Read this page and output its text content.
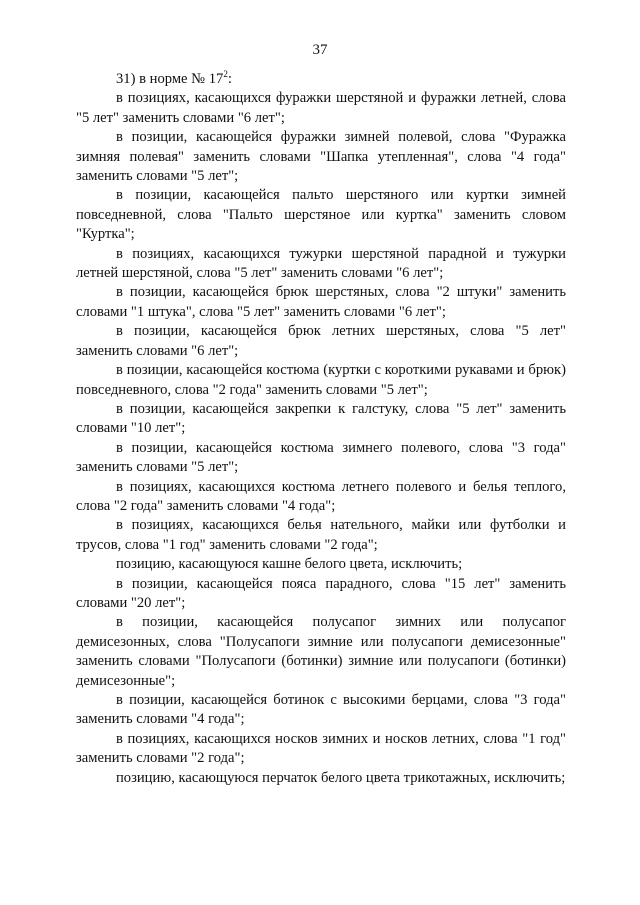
37

31) в норме № $17^2$:

в позициях, касающихся фуражки шерстяной и фуражки летней, слова "5 лет" заменить словами "6 лет";

в позиции, касающейся фуражки зимней полевой, слова "Фуражка зимняя полевая" заменить словами "Шапка утепленная", слова "4 года" заменить словами "5 лет";

в позиции, касающейся пальто шерстяного или куртки зимней повседневной, слова "Пальто шерстяное или куртка" заменить словом "Куртка";

в позициях, касающихся тужурки шерстяной парадной и тужурки летней шерстяной, слова "5 лет" заменить словами "6 лет";

в позиции, касающейся брюк шерстяных, слова "2 штуки" заменить словами "1 штука", слова "5 лет" заменить словами "6 лет";

в позиции, касающейся брюк летних шерстяных, слова "5 лет" заменить словами "6 лет";

в позиции, касающейся костюма (куртки с короткими рукавами и брюк) повседневного, слова "2 года" заменить словами "5 лет";

в позиции, касающейся закрепки к галстуку, слова "5 лет" заменить словами "10 лет";

в позиции, касающейся костюма зимнего полевого, слова "3 года" заменить словами "5 лет";

в позициях, касающихся костюма летнего полевого и белья теплого, слова "2 года" заменить словами "4 года";

в позициях, касающихся белья нательного, майки или футболки и трусов, слова "1 год" заменить словами "2 года";

позицию, касающуюся кашне белого цвета, исключить;

в позиции, касающейся пояса парадного, слова "15 лет" заменить словами "20 лет";

в позиции, касающейся полусапог зимних или полусапог демисезонных, слова "Полусапоги зимние или полусапоги демисезонные" заменить словами "Полусапоги (ботинки) зимние или полусапоги (ботинки) демисезонные";

в позиции, касающейся ботинок с высокими берцами, слова "3 года" заменить словами "4 года";

в позициях, касающихся носков зимних и носков летних, слова "1 год" заменить словами "2 года";

позицию, касающуюся перчаток белого цвета трикотажных, исключить;
